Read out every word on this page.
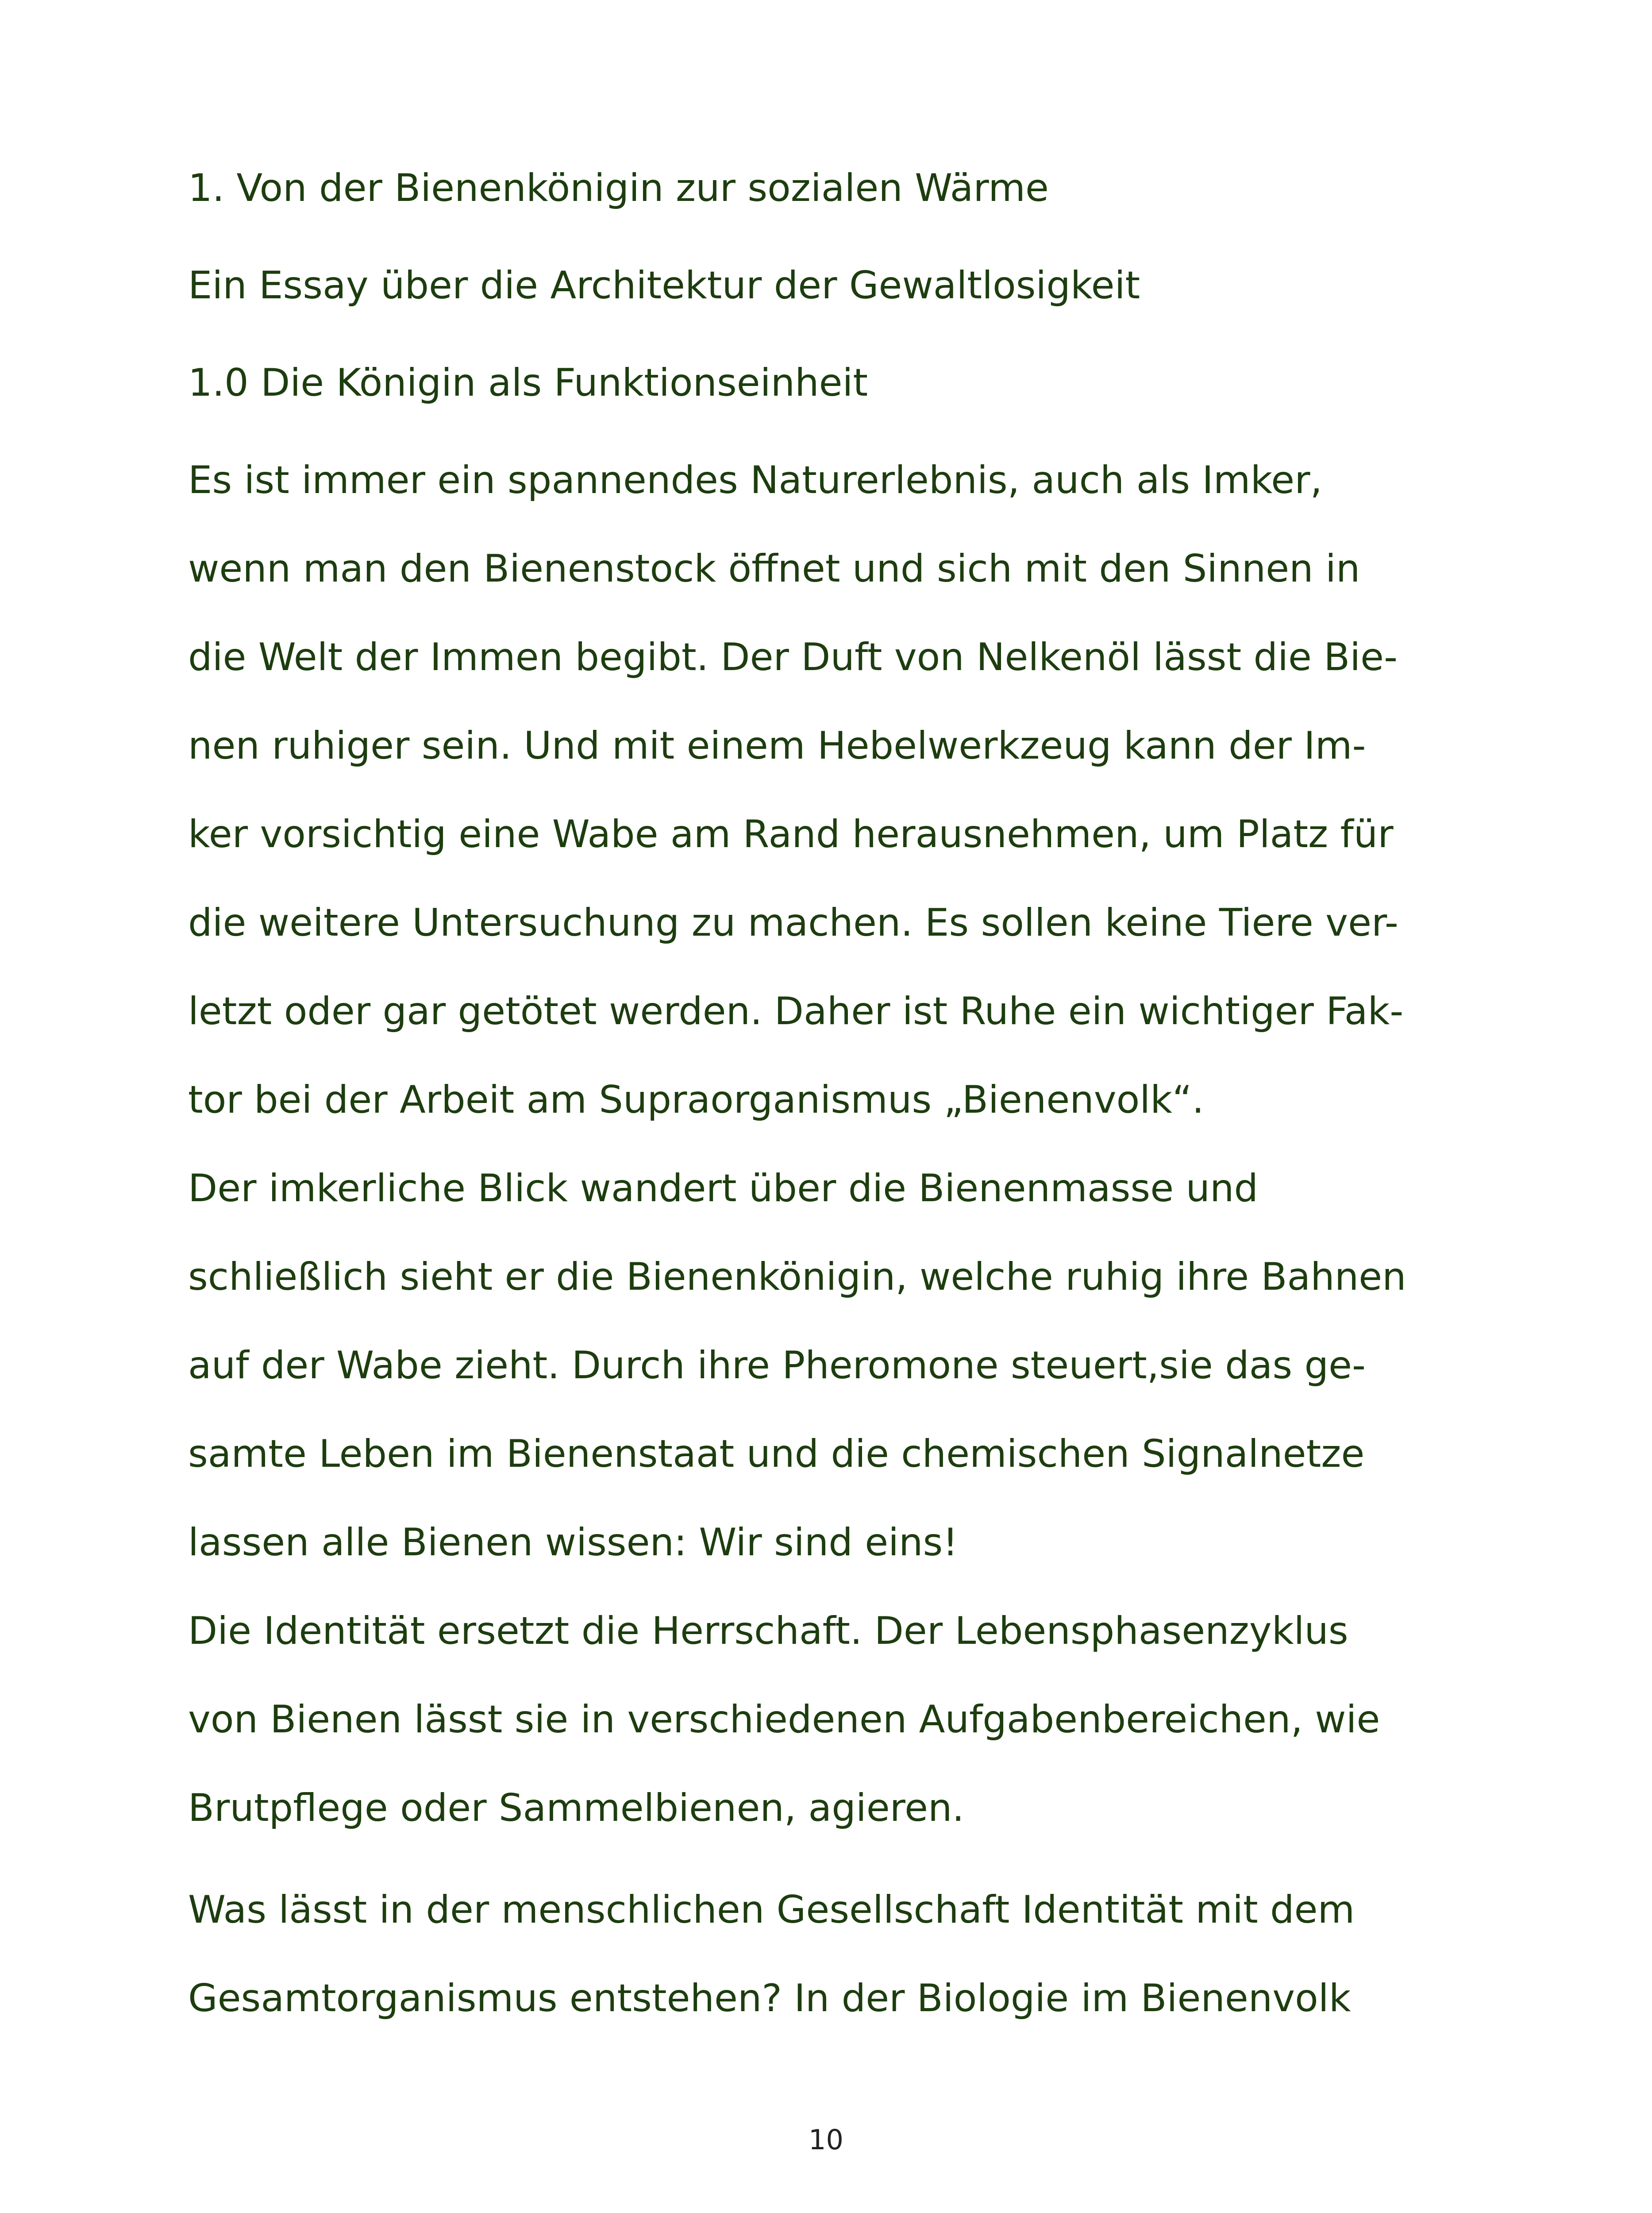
1. Von der Bienenkönigin zur sozialen Wärme
Ein Essay über die Architektur der Gewaltlosigkeit
1.0 Die Königin als Funktionseinheit

Es ist immer ein spannendes Naturerlebnis, auch als Imker,

wenn man den Bienenstock öffnet und sich mit den Sinnen in

die Welt der Immen begibt. Der Duft von Nelkenöl lässt die Bie-

nen ruhiger sein. Und mit einem Hebelwerkzeug kann der Im-

ker vorsichtig eine Wabe am Rand herausnehmen, um Platz für

die weitere Untersuchung zu machen. Es sollen keine Tiere ver-

letzt oder gar getötet werden. Daher ist Ruhe ein wichtiger Fak-

tor bei der Arbeit am Supraorganismus „Bienenvolk“.

Der imkerliche Blick wandert über die Bienenmasse und

schließlich sieht er die Bienenkönigin, welche ruhig ihre Bahnen

auf der Wabe zieht. Durch ihre Pheromone steuert,sie das ge-

samte Leben im Bienenstaat und die chemischen Signalnetze

lassen alle Bienen wissen: Wir sind eins!

Die Identität ersetzt die Herrschaft. Der Lebensphasenzyklus

von Bienen lässt sie in verschiedenen Aufgabenbereichen, wie

Brutpflege oder Sammelbienen, agieren.

Was lässt in der menschlichen Gesellschaft Identität mit dem

Gesamtorganismus entstehen? In der Biologie im Bienenvolk

10
